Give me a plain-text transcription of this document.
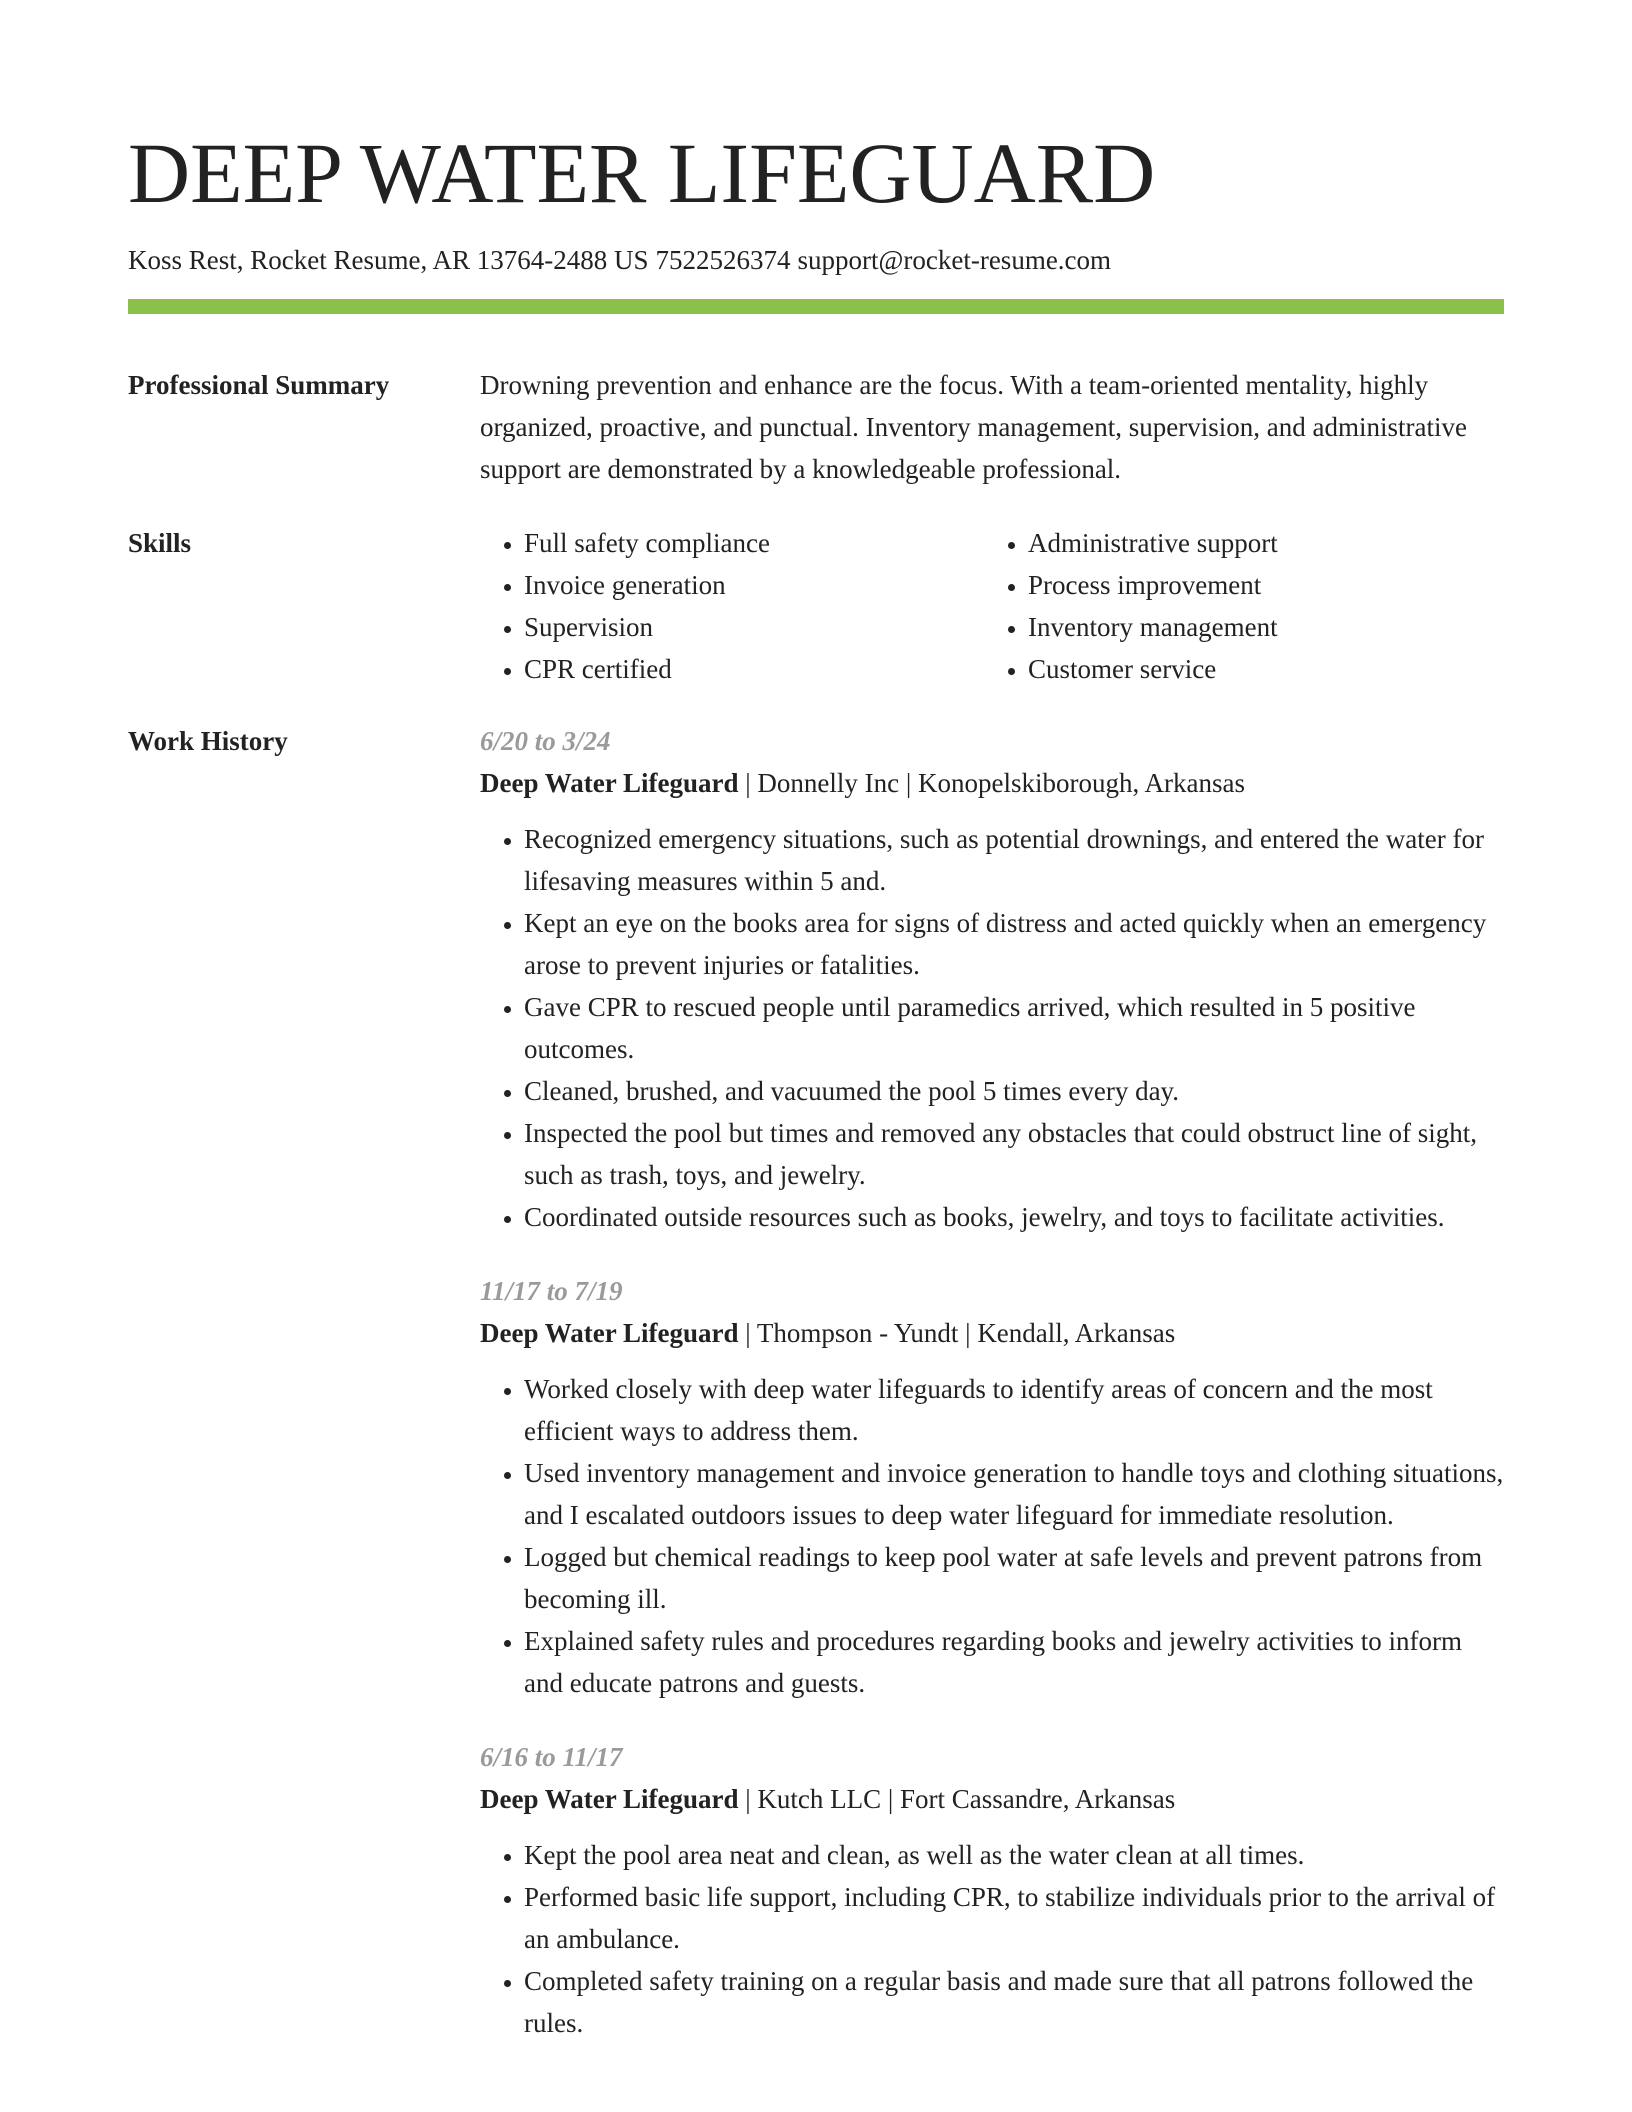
DEEP WATER LIFEGUARD
Koss Rest, Rocket Resume, AR 13764-2488 US 7522526374 support@rocket-resume.com
Professional Summary	Drowning prevention and enhance are the focus. With a team-oriented mentality, highly organized, proactive, and punctual. Inventory management, supervision, and administrative support are demonstrated by a knowledgeable professional.
Skills
•	Full safety compliance
• Invoice generation
• Supervision
• CPR certified
• Administrative support
• Process improvement
• Inventory management
• Customer service
Work History	6/20 to 3/24
Deep Water Lifeguard | Donnelly Inc | Konopelskiborough, Arkansas
• Recognized emergency situations, such as potential drownings, and entered the water for lifesaving measures within 5 and.
• Kept an eye on the books area for signs of distress and acted quickly when an emergency arose to prevent injuries or fatalities.
• Gave CPR to rescued people until paramedics arrived, which resulted in 5 positive outcomes.
• Cleaned, brushed, and vacuumed the pool 5 times every day.
• Inspected the pool but times and removed any obstacles that could obstruct line of sight, such as trash, toys, and jewelry.
• Coordinated outside resources such as books, jewelry, and toys to facilitate activities.
11/17 to 7/19
Deep Water Lifeguard | Thompson - Yundt | Kendall, Arkansas
• Worked closely with deep water lifeguards to identify areas of concern and the most efficient ways to address them.
• Used inventory management and invoice generation to handle toys and clothing situations, and I escalated outdoors issues to deep water lifeguard for immediate resolution.
• Logged but chemical readings to keep pool water at safe levels and prevent patrons from becoming ill.
• Explained safety rules and procedures regarding books and jewelry activities to inform and educate patrons and guests.
6/16 to 11/17
Deep Water Lifeguard | Kutch LLC | Fort Cassandre, Arkansas
• Kept the pool area neat and clean, as well as the water clean at all times.
• Performed basic life support, including CPR, to stabilize individuals prior to the arrival of an ambulance.
• Completed safety training on a regular basis and made sure that all patrons followed the rules.
